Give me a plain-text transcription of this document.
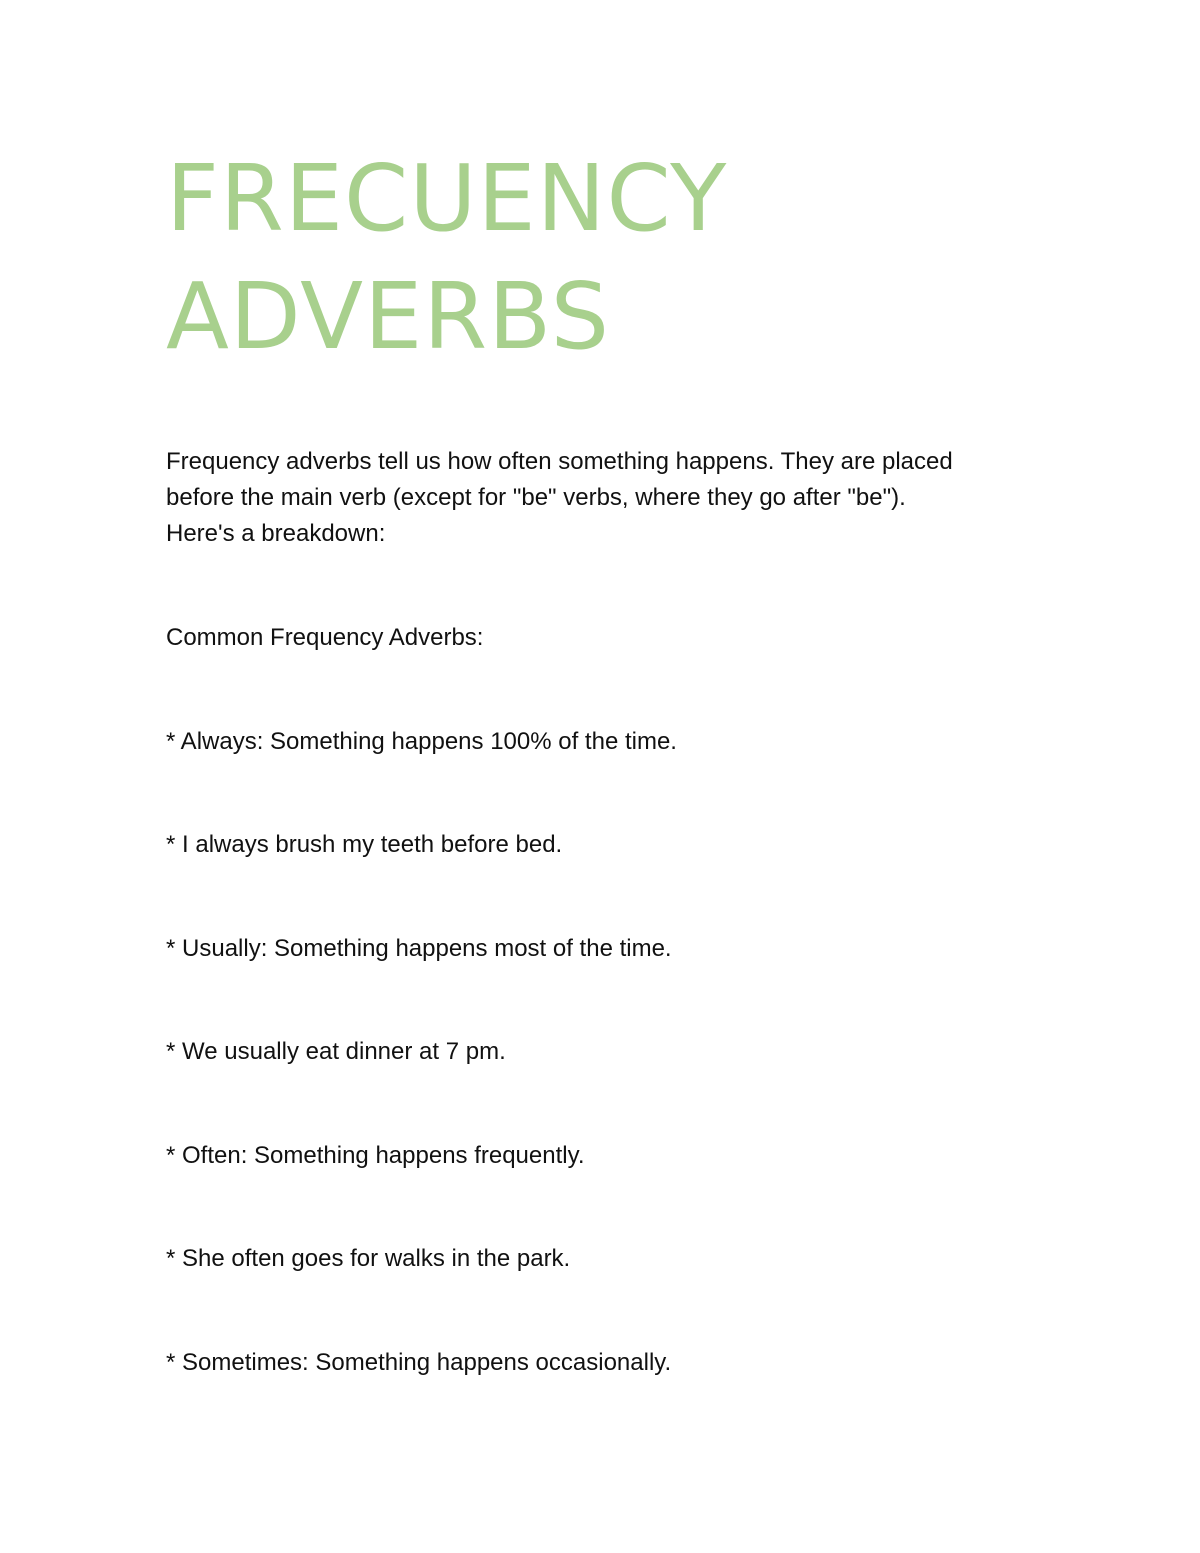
FRECUENCY
ADVERBS

Frequency adverbs tell us how often something happens. They are placed
before the main verb (except for "be" verbs, where they go after "be").
Here's a breakdown:

Common Frequency Adverbs:

* Always: Something happens 100% of the time.

* I always brush my teeth before bed.

* Usually: Something happens most of the time.

* We usually eat dinner at 7 pm.

* Often: Something happens frequently.

* She often goes for walks in the park.

* Sometimes: Something happens occasionally.
